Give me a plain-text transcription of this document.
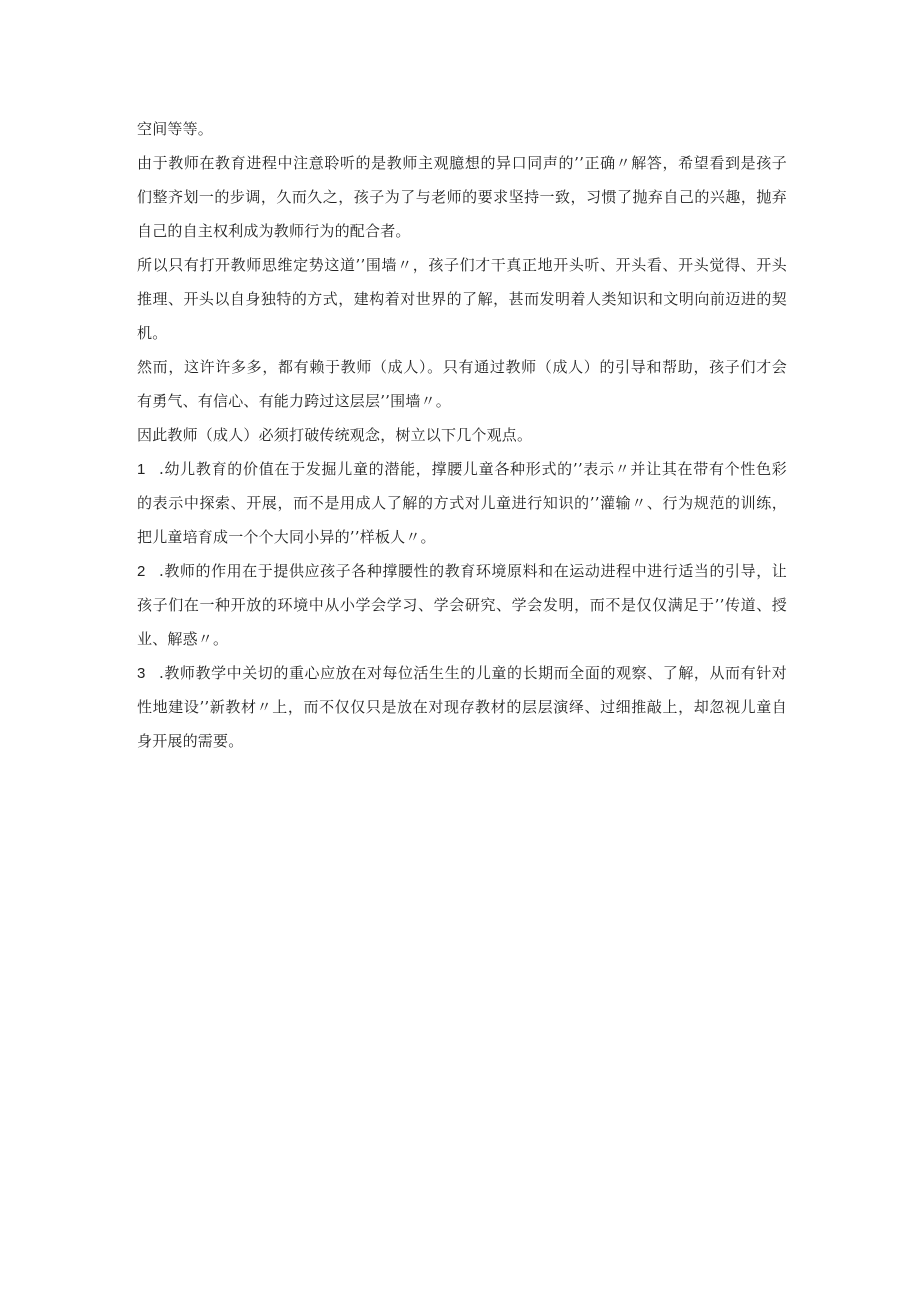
空间等等。
由于教师在教育进程中注意聆听的是教师主观臆想的异口同声的’’正确〃解答，希望看到是孩子
们整齐划一的步调，久而久之，孩子为了与老师的要求坚持一致，习惯了抛弃自己的兴趣，抛弃
自己的自主权利成为教师行为的配合者。
所以只有打开教师思维定势这道’’围墙〃，孩子们才干真正地开头听、开头看、开头觉得、开头
推理、开头以自身独特的方式，建构着对世界的了解，甚而发明着人类知识和文明向前迈进的契
机。
然而，这许许多多，都有赖于教师（成人）。只有通过教师（成人）的引导和帮助，孩子们才会
有勇气、有信心、有能力跨过这层层’’围墙〃。
因此教师（成人）必须打破传统观念，树立以下几个观点。
1 .幼儿教育的价值在于发掘儿童的潜能，撑腰儿童各种形式的’’表示〃并让其在带有个性色彩
的表示中探索、开展，而不是用成人了解的方式对儿童进行知识的’’灌输〃、行为规范的训练，
把儿童培育成一个个大同小异的’’样板人〃。
2 .教师的作用在于提供应孩子各种撑腰性的教育环境原料和在运动进程中进行适当的引导，让
孩子们在一种开放的环境中从小学会学习、学会研究、学会发明，而不是仅仅满足于’’传道、授
业、解惑〃。
3 .教师教学中关切的重心应放在对每位活生生的儿童的长期而全面的观察、了解，从而有针对
性地建设’’新教材〃上，而不仅仅只是放在对现存教材的层层演绎、过细推敲上，却忽视儿童自
身开展的需要。
